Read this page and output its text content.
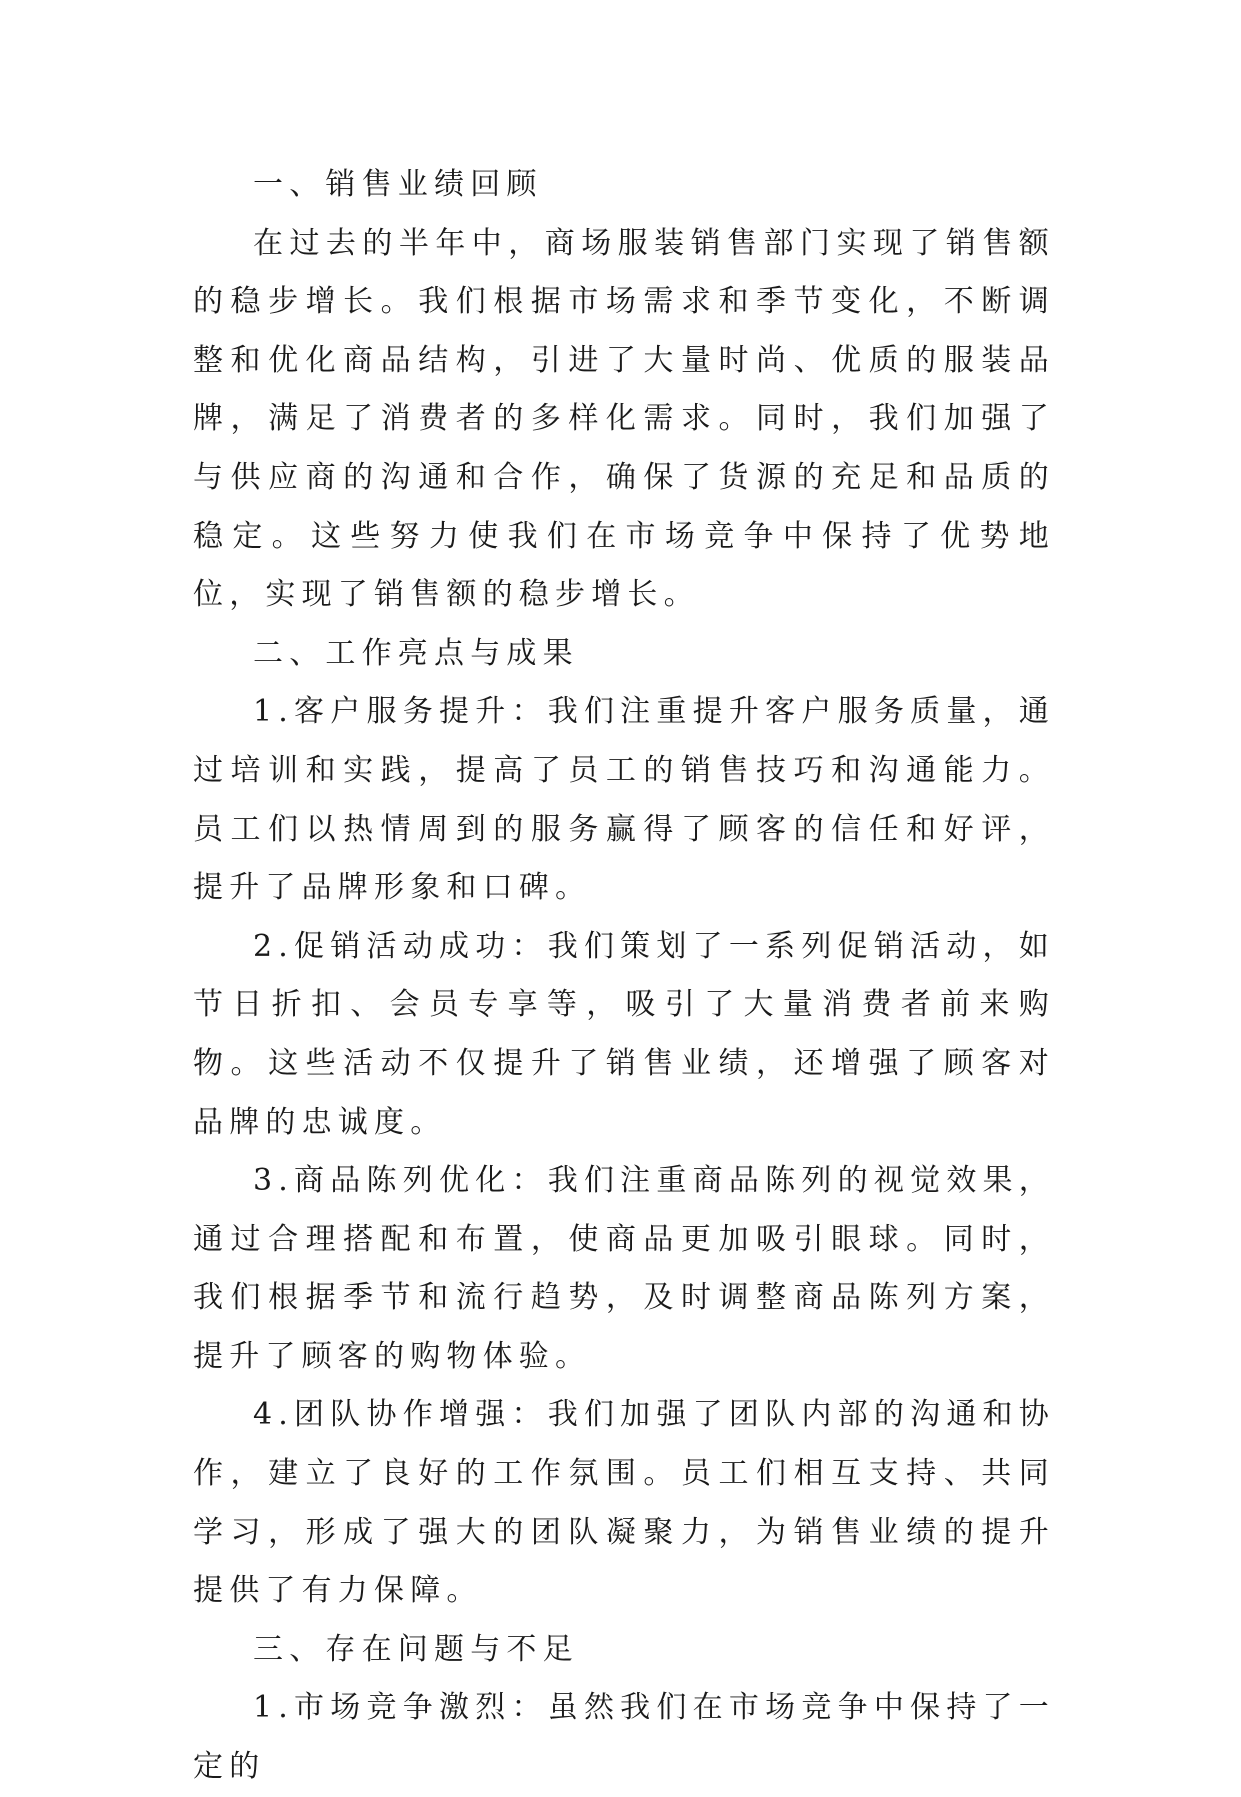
一、销售业绩回顾

在过去的半年中，商场服装销售部门实现了销售额的稳步增长。我们根据市场需求和季节变化，不断调整和优化商品结构，引进了大量时尚、优质的服装品牌，满足了消费者的多样化需求。同时，我们加强了与供应商的沟通和合作，确保了货源的充足和品质的稳定。这些努力使我们在市场竞争中保持了优势地位，实现了销售额的稳步增长。

二、工作亮点与成果

1.客户服务提升：我们注重提升客户服务质量，通过培训和实践，提高了员工的销售技巧和沟通能力。员工们以热情周到的服务赢得了顾客的信任和好评，提升了品牌形象和口碑。

2.促销活动成功：我们策划了一系列促销活动，如节日折扣、会员专享等，吸引了大量消费者前来购物。这些活动不仅提升了销售业绩，还增强了顾客对品牌的忠诚度。

3.商品陈列优化：我们注重商品陈列的视觉效果，通过合理搭配和布置，使商品更加吸引眼球。同时，我们根据季节和流行趋势，及时调整商品陈列方案，提升了顾客的购物体验。

4.团队协作增强：我们加强了团队内部的沟通和协作，建立了良好的工作氛围。员工们相互支持、共同学习，形成了强大的团队凝聚力，为销售业绩的提升提供了有力保障。

三、存在问题与不足

1.市场竞争激烈：虽然我们在市场竞争中保持了一定的
